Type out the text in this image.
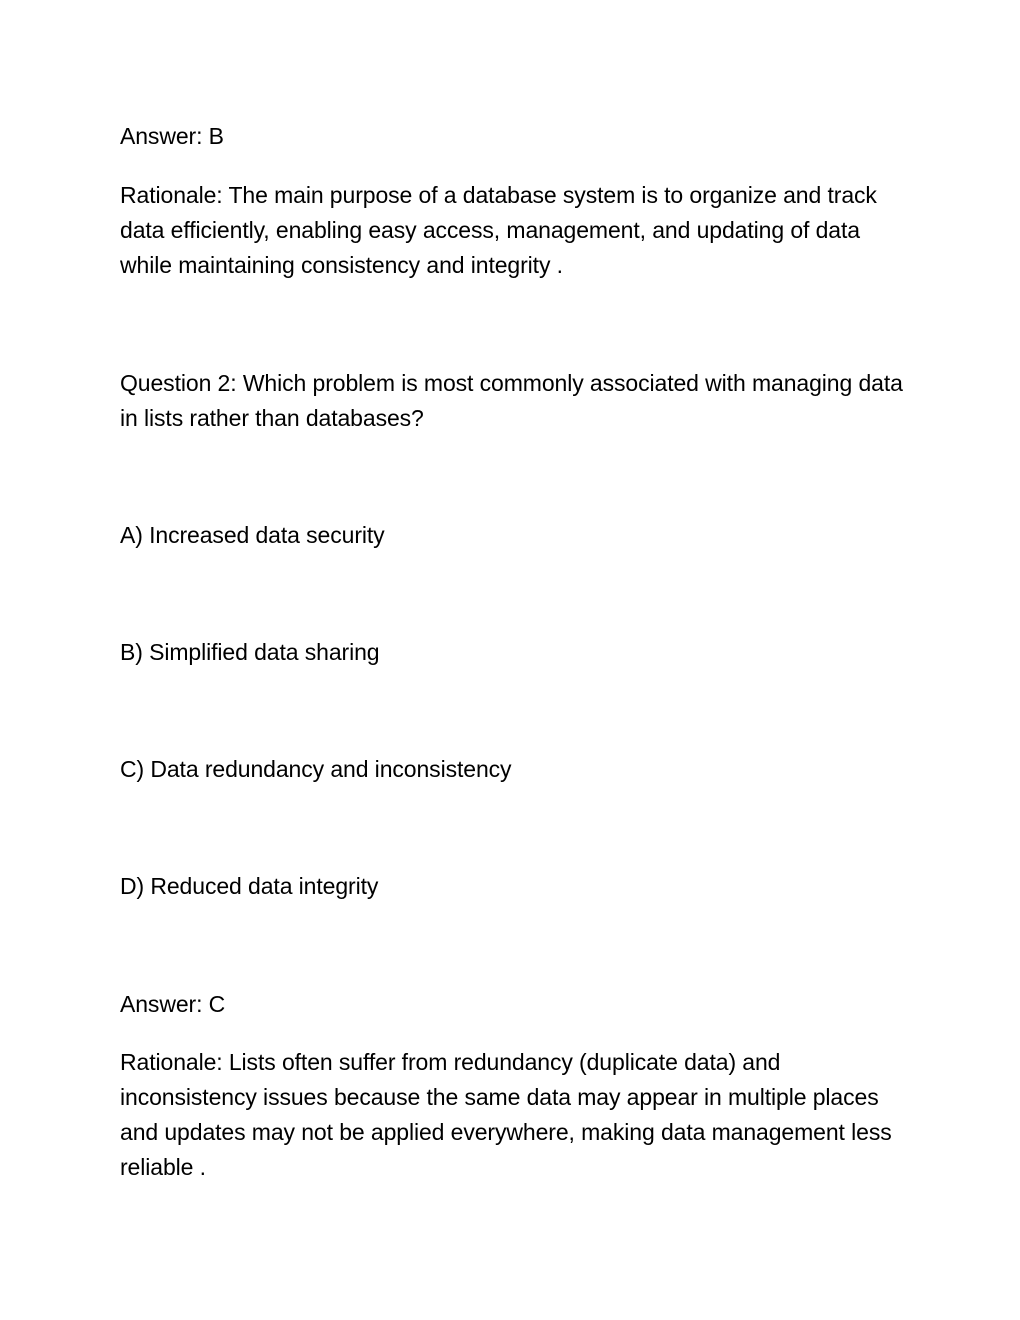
Answer: B

Rationale: The main purpose of a database system is to organize and track data efficiently, enabling easy access, management, and updating of data while maintaining consistency and integrity .

Question 2: Which problem is most commonly associated with managing data in lists rather than databases?

A) Increased data security

B) Simplified data sharing

C) Data redundancy and inconsistency

D) Reduced data integrity

Answer: C

Rationale: Lists often suffer from redundancy (duplicate data) and inconsistency issues because the same data may appear in multiple places and updates may not be applied everywhere, making data management less reliable .
